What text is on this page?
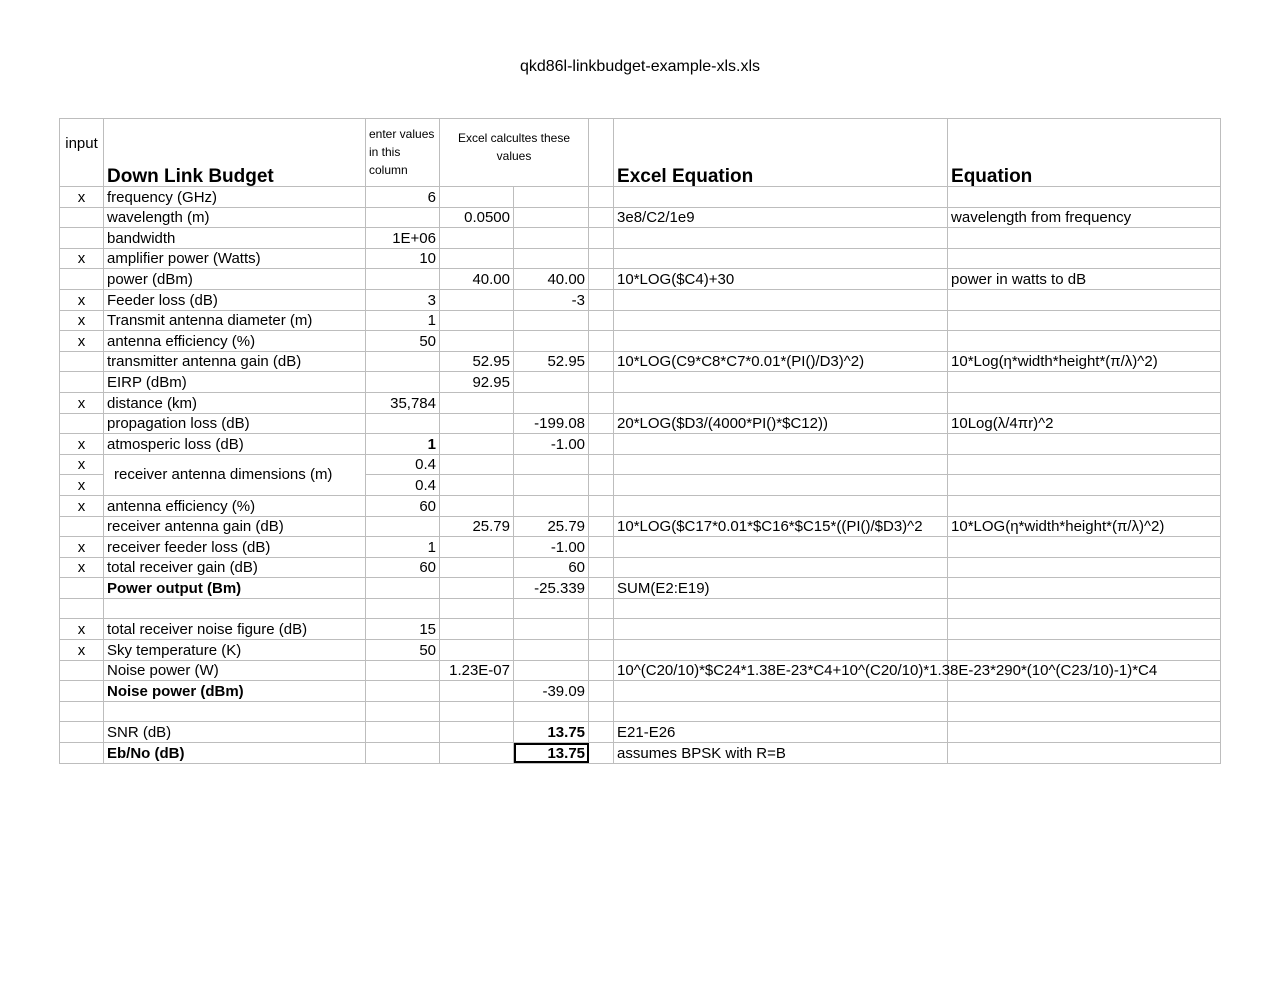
qkd86l-linkbudget-example-xls.xls
input	Down Link Budget	enter values in this column	Excel calcultes these values			Excel Equation	Equation
x	frequency (GHz)	6					
	wavelength (m)		0.0500			3e8/C2/1e9	wavelength from frequency
	bandwidth	1E+06					
x	amplifier power (Watts)	10					
	power (dBm)		40.00	40.00		10*LOG($C4)+30	power in watts to dB
x	Feeder loss (dB)	3		-3			
x	Transmit antenna diameter (m)	1					
x	antenna efficiency (%)	50					
	transmitter antenna gain (dB)		52.95	52.95		10*LOG(C9*C8*C7*0.01*(PI()/D3)^2)	10*Log(η*width*height*(π/λ)^2)
	EIRP (dBm)		92.95				
x	distance (km)	35,784					
	propagation loss (dB)			-199.08		20*LOG($D3/(4000*PI()*$C12))	10Log(λ/4πr)^2
x	atmosperic loss (dB)	1		-1.00			
x	receiver antenna dimensions (m)	0.4					
x		0.4					
x	antenna efficiency (%)	60					
	receiver antenna gain (dB)		25.79	25.79		10*LOG($C17*0.01*$C16*$C15*((PI()/$D3)^2	10*LOG(η*width*height*(π/λ)^2)
x	receiver feeder loss (dB)	1		-1.00			
x	total receiver gain (dB)	60		60			
	Power output (Bm)			-25.339		SUM(E2:E19)	

x	total receiver noise figure (dB)	15					
x	Sky temperature (K)	50					
	Noise power (W)		1.23E-07			10^(C20/10)*$C24*1.38E-23*C4+10^(C20/10)*1.38E-23*290*(10^(C23/10)-1)*C4	
	Noise power (dBm)			-39.09			

	SNR (dB)			13.75		E21-E26	
	Eb/No (dB)			13.75		assumes BPSK with R=B	
